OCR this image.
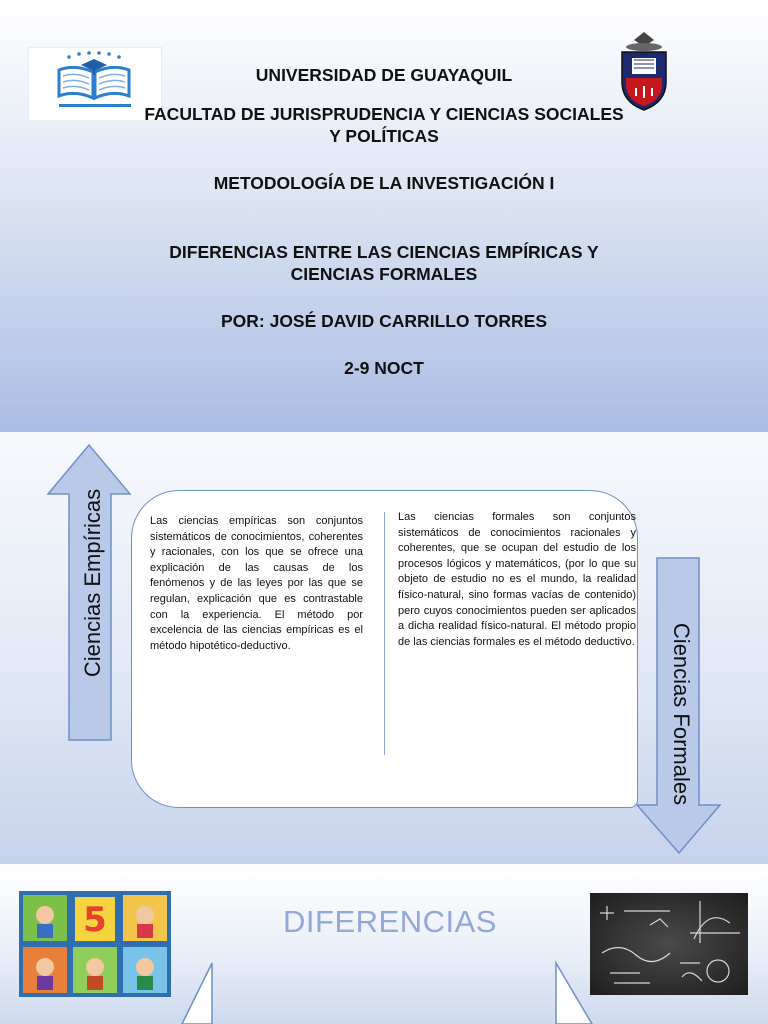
UNIVERSIDAD DE GUAYAQUIL
FACULTAD DE JURISPRUDENCIA Y CIENCIAS SOCIALES
Y POLÍTICAS
METODOLOGÍA DE LA INVESTIGACIÓN I
DIFERENCIAS ENTRE LAS CIENCIAS EMPÍRICAS Y
CIENCIAS FORMALES
POR: JOSÉ DAVID CARRILLO TORRES
2-9 NOCT
Ciencias Empíricas
Ciencias Formales
Las ciencias empíricas son conjuntos sistemáticos de conocimientos, coherentes y racionales, con los que se ofrece una explicación de las causas de los fenómenos y de las leyes por las que se regulan, explicación que es contrastable con la experiencia. El método por excelencia de las ciencias empíricas es el método hipotético-deductivo.
Las ciencias formales son conjuntos sistemáticos de conocimientos racionales y coherentes, que se ocupan del estudio de los procesos lógicos y matemáticos, (por lo que su objeto de estudio no es el mundo, la realidad físico-natural, sino formas vacías de contenido) pero cuyos conocimientos pueden ser aplicados a dicha realidad físico-natural. El método propio de las ciencias formales es el método deductivo.
5	DIFERENCIAS
